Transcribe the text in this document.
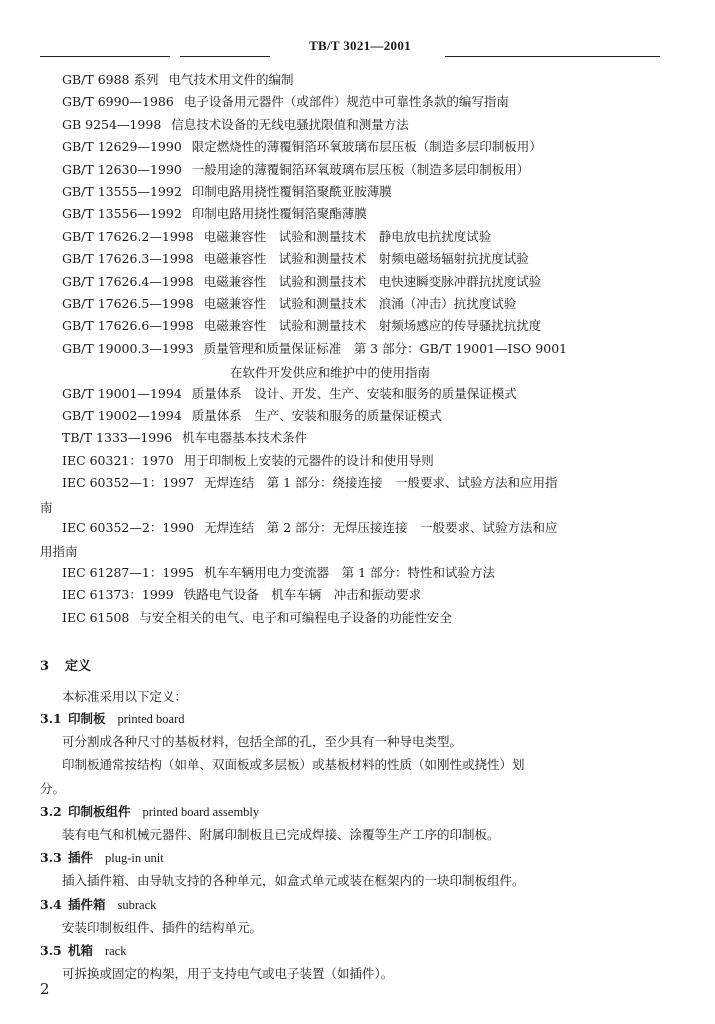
TB/T 3021—2001
GB/T 6988 系列 电气技术用文件的编制
GB/T 6990—1986 电子设备用元器件（或部件）规范中可靠性条款的编写指南
GB 9254—1998 信息技术设备的无线电骚扰限值和测量方法
GB/T 12629—1990 限定燃烧性的薄覆铜箔环氧玻璃布层压板（制造多层印制板用）
GB/T 12630—1990 一般用途的薄覆铜箔环氧玻璃布层压板（制造多层印制板用）
GB/T 13555—1992 印制电路用挠性覆铜箔聚酰亚胺薄膜
GB/T 13556—1992 印制电路用挠性覆铜箔聚酯薄膜
GB/T 17626.2—1998 电磁兼容性　试验和测量技术　静电放电抗扰度试验
GB/T 17626.3—1998 电磁兼容性　试验和测量技术　射频电磁场辐射抗扰度试验
GB/T 17626.4—1998 电磁兼容性　试验和测量技术　电快速瞬变脉冲群抗扰度试验
GB/T 17626.5—1998 电磁兼容性　试验和测量技术　浪涌（冲击）抗扰度试验
GB/T 17626.6—1998 电磁兼容性　试验和测量技术　射频场感应的传导骚扰抗扰度
GB/T 19000.3—1993 质量管理和质量保证标准　第 3 部分：GB/T 19001—ISO 9001
在软件开发供应和维护中的使用指南
GB/T 19001—1994 质量体系　设计、开发、生产、安装和服务的质量保证模式
GB/T 19002—1994 质量体系　生产、安装和服务的质量保证模式
TB/T 1333—1996 机车电器基本技术条件
IEC 60321：1970 用于印制板上安装的元器件的设计和使用导则
IEC 60352—1：1997 无焊连结　第 1 部分：绕接连接　一般要求、试验方法和应用指
南
IEC 60352—2：1990 无焊连结　第 2 部分：无焊压接连接　一般要求、试验方法和应
用指南
IEC 61287—1：1995 机车车辆用电力变流器　第 1 部分：特性和试验方法
IEC 61373：1999 铁路电气设备　机车车辆　冲击和振动要求
IEC 61508 与安全相关的电气、电子和可编程电子设备的功能性安全
3 定义
本标准采用以下定义：
3.1 印制板 printed board
可分割成各种尺寸的基板材料，包括全部的孔，至少具有一种导电类型。
印制板通常按结构（如单、双面板或多层板）或基板材料的性质（如刚性或挠性）划
分。
3.2 印制板组件 printed board assembly
装有电气和机械元器件、附属印制板且已完成焊接、涂覆等生产工序的印制板。
3.3 插件 plug-in unit
插入插件箱、由导轨支持的各种单元，如盒式单元或装在框架内的一块印制板组件。
3.4 插件箱 subrack
安装印制板组件、插件的结构单元。
3.5 机箱 rack
可拆换或固定的构架，用于支持电气或电子装置（如插件）。
2
